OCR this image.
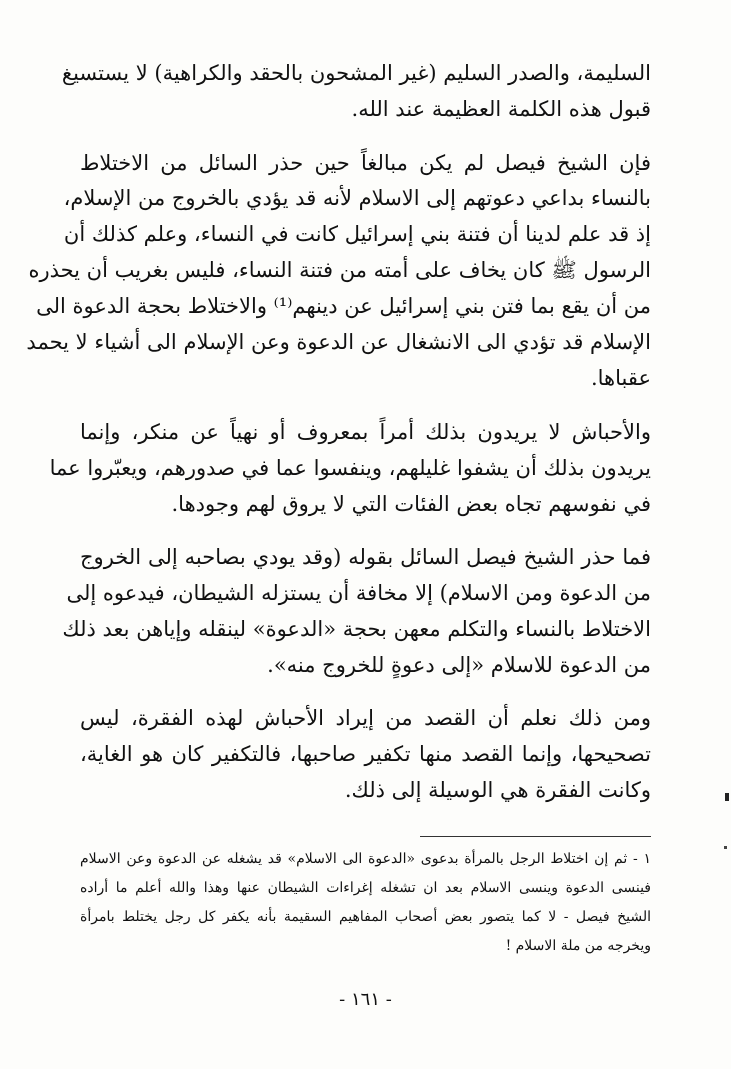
السليمة، والصدر السليم (غير المشحون بالحقد والكراهية) لا يستسيغ
قبول هذه الكلمة العظيمة عند الله.
فإن الشيخ فيصل لم يكن مبالغاً حين حذر السائل من الاختلاط
بالنساء بداعي دعوتهم إلى الاسلام لأنه قد يؤدي بالخروج من الإسلام،
إذ قد علم لدينا أن فتنة بني إسرائيل كانت في النساء، وعلم كذلك أن
الرسول ﷺ كان يخاف على أمته من فتنة النساء، فليس بغريب أن يحذره
من أن يقع بما فتن بني إسرائيل عن دينهم⁽¹⁾ والاختلاط بحجة الدعوة الى
الإسلام قد تؤدي الى الانشغال عن الدعوة وعن الإسلام الى أشياء لا يحمد
عقباها.
والأحباش لا يريدون بذلك أمراً بمعروف أو نهياً عن منكر، وإنما
يريدون بذلك أن يشفوا غليلهم، وينفسوا عما في صدورهم، ويعبّروا عما
في نفوسهم تجاه بعض الفئات التي لا يروق لهم وجودها.
فما حذر الشيخ فيصل السائل بقوله (وقد يودي بصاحبه إلى الخروج
من الدعوة ومن الاسلام) إلا مخافة أن يستزله الشيطان، فيدعوه إلى
الاختلاط بالنساء والتكلم معهن بحجة «الدعوة» لينقله وإياهن بعد ذلك
من الدعوة للاسلام «إلى دعوةٍ للخروج منه».
ومن ذلك نعلم أن القصد من إيراد الأحباش لهذه الفقرة، ليس
تصحيحها، وإنما القصد منها تكفير صاحبها، فالتكفير كان هو الغاية،
وكانت الفقرة هي الوسيلة إلى ذلك.
١ - ثم إن اختلاط الرجل بالمرأة بدعوى «الدعوة الى الاسلام» قد يشغله عن الدعوة وعن الاسلام
فينسى الدعوة وينسى الاسلام بعد ان تشغله إغراءات الشيطان عنها وهذا والله أعلم ما أراده
الشيخ فيصل - لا كما يتصور بعض أصحاب المفاهيم السقيمة بأنه يكفر كل رجل يختلط بامرأة
ويخرجه من ملة الاسلام !
- ١٦١ -
